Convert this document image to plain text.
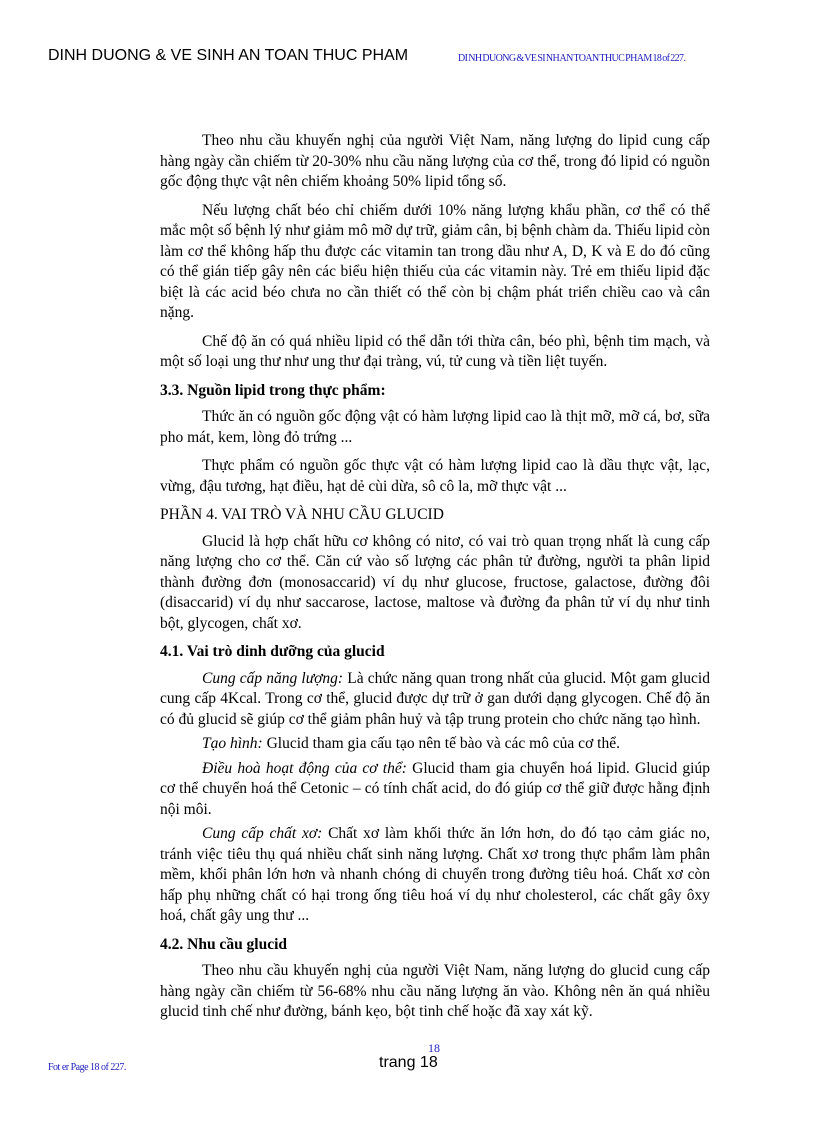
DINH DUONG & VE SINH AN TOAN THUC PHAM	DI NH DUONG & VE SI NH AN TOAN THUC PHAM 18 of 227.

Theo nhu cầu khuyến nghị của người Việt Nam, năng lượng do lipid cung cấp hàng ngày cần chiếm từ 20-30% nhu cầu năng lượng của cơ thể, trong đó lipid có nguồn gốc động thực vật nên chiếm khoảng 50% lipid tổng số.

Nếu lượng chất béo chỉ chiếm dưới 10% năng lượng khẩu phần, cơ thể có thể mắc một số bệnh lý như giảm mô mỡ dự trữ, giảm cân, bị bệnh chàm da. Thiếu lipid còn làm cơ thể không hấp thu được các vitamin tan trong dầu như A, D, K và E do đó cũng có thể gián tiếp gây nên các biểu hiện thiếu của các vitamin này. Trẻ em thiếu lipid đặc biệt là các acid béo chưa no cần thiết có thể còn bị chậm phát triển chiều cao và cân nặng.

Chế độ ăn có quá nhiều lipid có thể dẫn tới thừa cân, béo phì, bệnh tim mạch, và một số loại ung thư như ung thư đại tràng, vú, tử cung và tiền liệt tuyến.

3.3. Nguồn lipid trong thực phẩm:

Thức ăn có nguồn gốc động vật có hàm lượng lipid cao là thịt mỡ, mỡ cá, bơ, sữa pho mát, kem, lòng đỏ trứng ...

Thực phẩm có nguồn gốc thực vật có hàm lượng lipid cao là dầu thực vật, lạc, vừng, đậu tương, hạt điều, hạt dẻ cùi dừa, sô cô la, mỡ thực vật ...

PHẦN 4. VAI TRÒ VÀ NHU CẦU GLUCID

Glucid là hợp chất hữu cơ không có nitơ, có vai trò quan trọng nhất là cung cấp năng lượng cho cơ thể. Căn cứ vào số lượng các phân tử đường, người ta phân lipid thành đường đơn (monosaccarid) ví dụ như glucose, fructose, galactose, đường đôi (disaccarid) ví dụ như saccarose, lactose, maltose và đường đa phân tử ví dụ như tinh bột, glycogen, chất xơ.

4.1. Vai trò dinh dưỡng của glucid

Cung cấp năng lượng: Là chức năng quan trong nhất của glucid. Một gam glucid cung cấp 4Kcal. Trong cơ thể, glucid được dự trữ ở gan dưới dạng glycogen. Chế độ ăn có đủ glucid sẽ giúp cơ thể giảm phân huỷ và tập trung protein cho chức năng tạo hình.

Tạo hình: Glucid tham gia cấu tạo nên tế bào và các mô của cơ thể.

Điều hoà hoạt động của cơ thể: Glucid tham gia chuyển hoá lipid. Glucid giúp cơ thể chuyển hoá thể Cetonic – có tính chất acid, do đó giúp cơ thể giữ được hằng định nội môi.

Cung cấp chất xơ: Chất xơ làm khối thức ăn lớn hơn, do đó tạo cảm giác no, tránh việc tiêu thụ quá nhiều chất sinh năng lượng. Chất xơ trong thực phẩm làm phân mềm, khối phân lớn hơn và nhanh chóng di chuyển trong đường tiêu hoá. Chất xơ còn hấp phụ những chất có hại trong ống tiêu hoá ví dụ như cholesterol, các chất gây ôxy hoá, chất gây ung thư ...

4.2. Nhu cầu glucid

Theo nhu cầu khuyến nghị của người Việt Nam, năng lượng do glucid cung cấp hàng ngày cần chiếm từ 56-68% nhu cầu năng lượng ăn vào. Không nên ăn quá nhiều glucid tinh chế như đường, bánh kẹo, bột tinh chế hoặc đã xay xát kỹ.

18
trang 18
Fot er Page 18 of 227.
